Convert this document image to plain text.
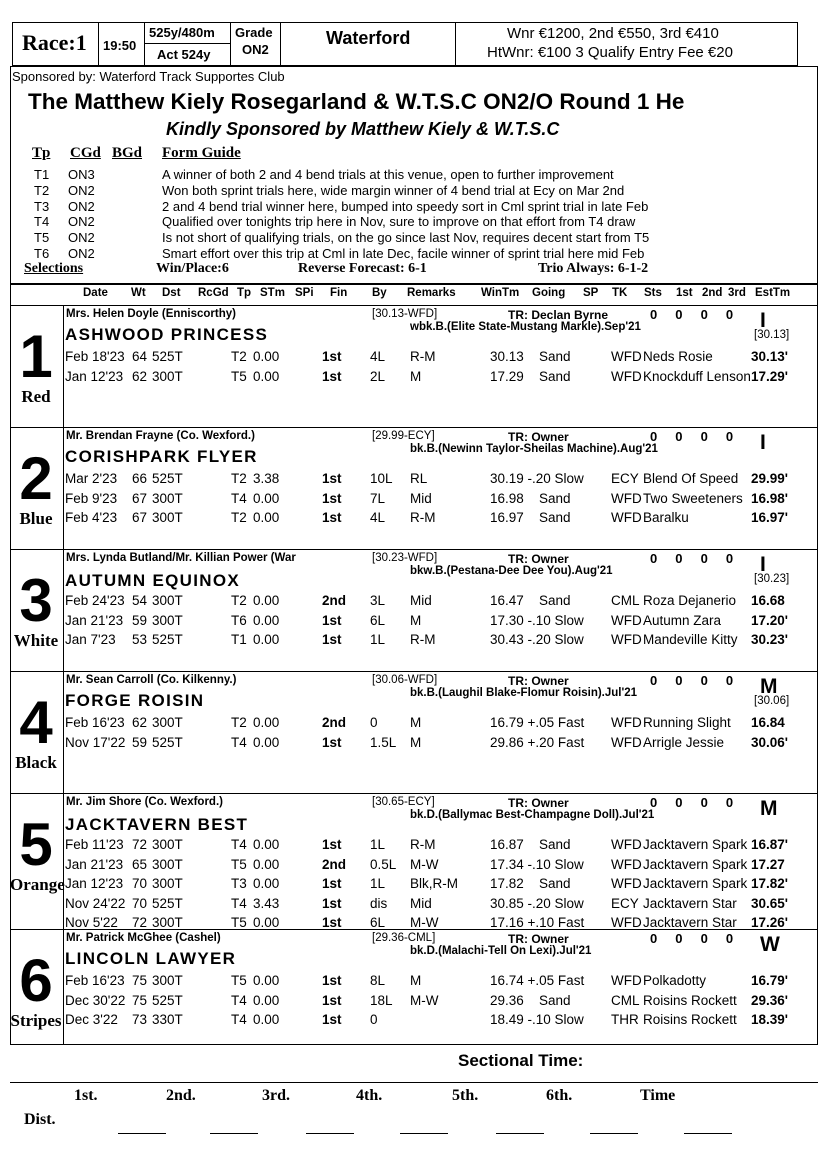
Race:1 19:50
525y/480m
Act 524y
Grade
ON2
Waterford	Wnr €1200, 2nd €550, 3rd €410
HtWnr: €100 3 Qualify Entry Fee €20
Sponsored by: Waterford Track Supportes Club
The Matthew Kiely Rosegarland & W.T.S.C ON2/O Round 1 He
Kindly Sponsored by Matthew Kiely & W.T.S.C
Tp CGd BGd Form Guide
T1 ON3	A winner of both 2 and 4 bend trials at this venue, open to further improvement
T2 ON2	Won both sprint trials here, wide margin winner of 4 bend trial at Ecy on Mar 2nd
T3 ON2	2 and 4 bend trial winner here, bumped into speedy sort in Cml sprint trial in late Feb
T4 ON2	Qualified over tonights trip here in Nov, sure to improve on that effort from T4 draw
T5 ON2	Is not short of qualifying trials, on the go since last Nov, requires decent start from T5
T6 ON2	Smart effort over this trip at Cml in late Dec, facile winner of sprint trial here mid Feb
Selections	Win/Place:6	Reverse Forecast: 6-1	Trio Always: 6-1-2
Date Wt Dst RcGd Tp STm SPi Fin By Remarks WinTm Going SP TK Sts 1st 2nd 3rd EstTm
1
Red
Mrs. Helen Doyle (Enniscorthy)
ASHWOOD PRINCESS
[30.13-WFD]	TR: Declan Byrne
wbk.B.(Elite State-Mustang Markle).Sep'21
0     0     0     0 I
[30.13]
Feb 18'23 64 525T	T2 0.00	1st 4L R-M	30.13 Sand	WFD Neds Rosie	30.13'
Jan 12'23 62 300T	T5 0.00	1st 2L M	17.29 Sand	WFD Knockduff Lenson 17.29'
2
Blue
Mr. Brendan Frayne (Co. Wexford.)
CORISHPARK FLYER
[29.99-ECY]	TR: Owner
bk.B.(Newinn Taylor-Sheilas Machine).Aug'21
0     0     0     0 I
Mar 2'23 66 525T	T2 3.38	1st 10L RL	30.19 -.20 Slow ECY Blend Of Speed 29.99'
Feb 9'23 67 300T	T4 0.00	1st 7L Mid	16.98 Sand	WFD Two Sweeteners 16.98'
Feb 4'23 67 300T	T2 0.00	1st 4L R-M	16.97 Sand	WFD Baralku	16.97'
3
White
Mrs. Lynda Butland/Mr. Killian Power (War
AUTUMN EQUINOX
[30.23-WFD]	TR: Owner
bkw.B.(Pestana-Dee Dee You).Aug'21
0     0     0     0 I
[30.23]
Feb 24'23 54 300T	T2 0.00	2nd 3L Mid	16.47 Sand	CML Roza Dejanerio 16.68
Jan 21'23 59 300T	T6 0.00	1st 6L M	17.30 -.10 Slow WFD Autumn Zara 17.20'
Jan 7'23 53 525T	T1 0.00	1st 1L R-M	30.43 -.20 Slow WFD Mandeville Kitty 30.23'
4
Black
Mr. Sean Carroll (Co. Kilkenny.)
FORGE ROISIN
[30.06-WFD]	TR: Owner
bk.B.(Laughil Blake-Flomur Roisin).Jul'21
0     0     0     0 M
[30.06]
Feb 16'23 62 300T	T2 0.00	2nd 0 M	16.79 +.05 Fast WFD Running Slight 16.84
Nov 17'22 59 525T	T4 0.00	1st 1.5L M	29.86 +.20 Fast WFD Arrigle Jessie 30.06'
5
Orange
Mr. Jim Shore (Co. Wexford.)
JACKTAVERN BEST
[30.65-ECY]	TR: Owner
bk.D.(Ballymac Best-Champagne Doll).Jul'21
0     0     0     0 M
Feb 11'23 72 300T	T4 0.00	1st 1L R-M	16.87 Sand	WFD Jacktavern Spark 16.87'
Jan 21'23 65 300T	T5 0.00	2nd 0.5L M-W	17.34 -.10 Slow WFD Jacktavern Spark 17.27
Jan 12'23 70 300T	T3 0.00	1st 1L Blk,R-M 17.82 Sand	WFD Jacktavern Spark 17.82'
Nov 24'22 70 525T	T4 3.43	1st dis Mid	30.85 -.20 Slow ECY Jacktavern Star 30.65'
Nov 5'22 72 300T	T5 0.00	1st 6L M-W	17.16 +.10 Fast WFD Jacktavern Star 17.26'
6
Stripes
Mr. Patrick McGhee (Cashel)
LINCOLN LAWYER
[29.36-CML]	TR: Owner
bk.D.(Malachi-Tell On Lexi).Jul'21
0     0     0     0 W
Feb 16'23 75 300T	T5 0.00	1st 8L M	16.74 +.05 Fast WFD Polkadotty	16.79'
Dec 30'22 75 525T	T4 0.00	1st 18L M-W	29.36 Sand	CML Roisins Rockett 29.36'
Dec 3'22 73 330T	T4 0.00	1st 0	18.49 -.10 Slow THR Roisins Rockett 18.39'
Sectional Time:
1st.	2nd.	3rd.	4th.	5th.	6th.	Time
Dist.
